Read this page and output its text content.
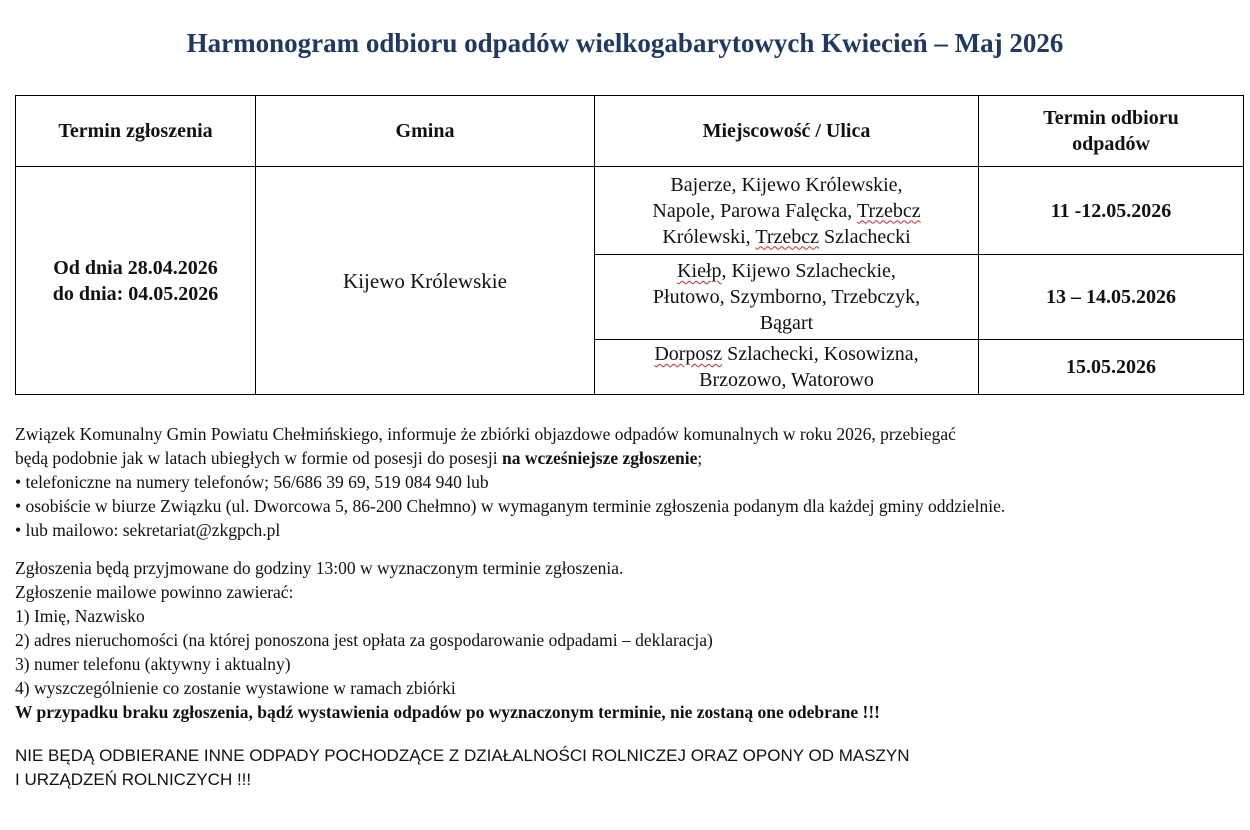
Harmonogram odbioru odpadów wielkogabarytowych Kwiecień – Maj 2026
Termin zgłoszenia	Gmina	Miejscowość / Ulica	Termin odbioru
odpadów
Od dnia 28.04.2026
do dnia: 04.05.2026	Kijewo Królewskie	Bajerze, Kijewo Królewskie,
Napole, Parowa Falęcka, Trzebcz
Królewski, Trzebcz Szlachecki	11 -12.05.2026
		Kiełp, Kijewo Szlacheckie,
Płutowo, Szymborno, Trzebczyk,
Bągart	13 – 14.05.2026
		Dorposz Szlachecki, Kosowizna,
Brzozowo, Watorowo	15.05.2026

Związek Komunalny Gmin Powiatu Chełmińskiego, informuje że zbiórki objazdowe odpadów komunalnych w roku 2026, przebiegać

będą podobnie jak w latach ubiegłych w formie od posesji do posesji na wcześniejsze zgłoszenie;

• telefoniczne na numery telefonów; 56/686 39 69, 519 084 940 lub

• osobiście w biurze Związku (ul. Dworcowa 5, 86-200 Chełmno) w wymaganym terminie zgłoszenia podanym dla każdej gminy oddzielnie.

• lub mailowo: sekretariat@zkgpch.pl

Zgłoszenia będą przyjmowane do godziny 13:00 w wyznaczonym terminie zgłoszenia.

Zgłoszenie mailowe powinno zawierać:

1) Imię, Nazwisko

2) adres nieruchomości (na której ponoszona jest opłata za gospodarowanie odpadami – deklaracja)

3) numer telefonu (aktywny i aktualny)

4) wyszczególnienie co zostanie wystawione w ramach zbiórki

W przypadku braku zgłoszenia, bądź wystawienia odpadów po wyznaczonym terminie, nie zostaną one odebrane !!!

NIE BĘDĄ ODBIERANE INNE ODPADY POCHODZĄCE Z DZIAŁALNOŚCI ROLNICZEJ ORAZ OPONY OD MASZYN

I URZĄDZEŃ ROLNICZYCH !!!
